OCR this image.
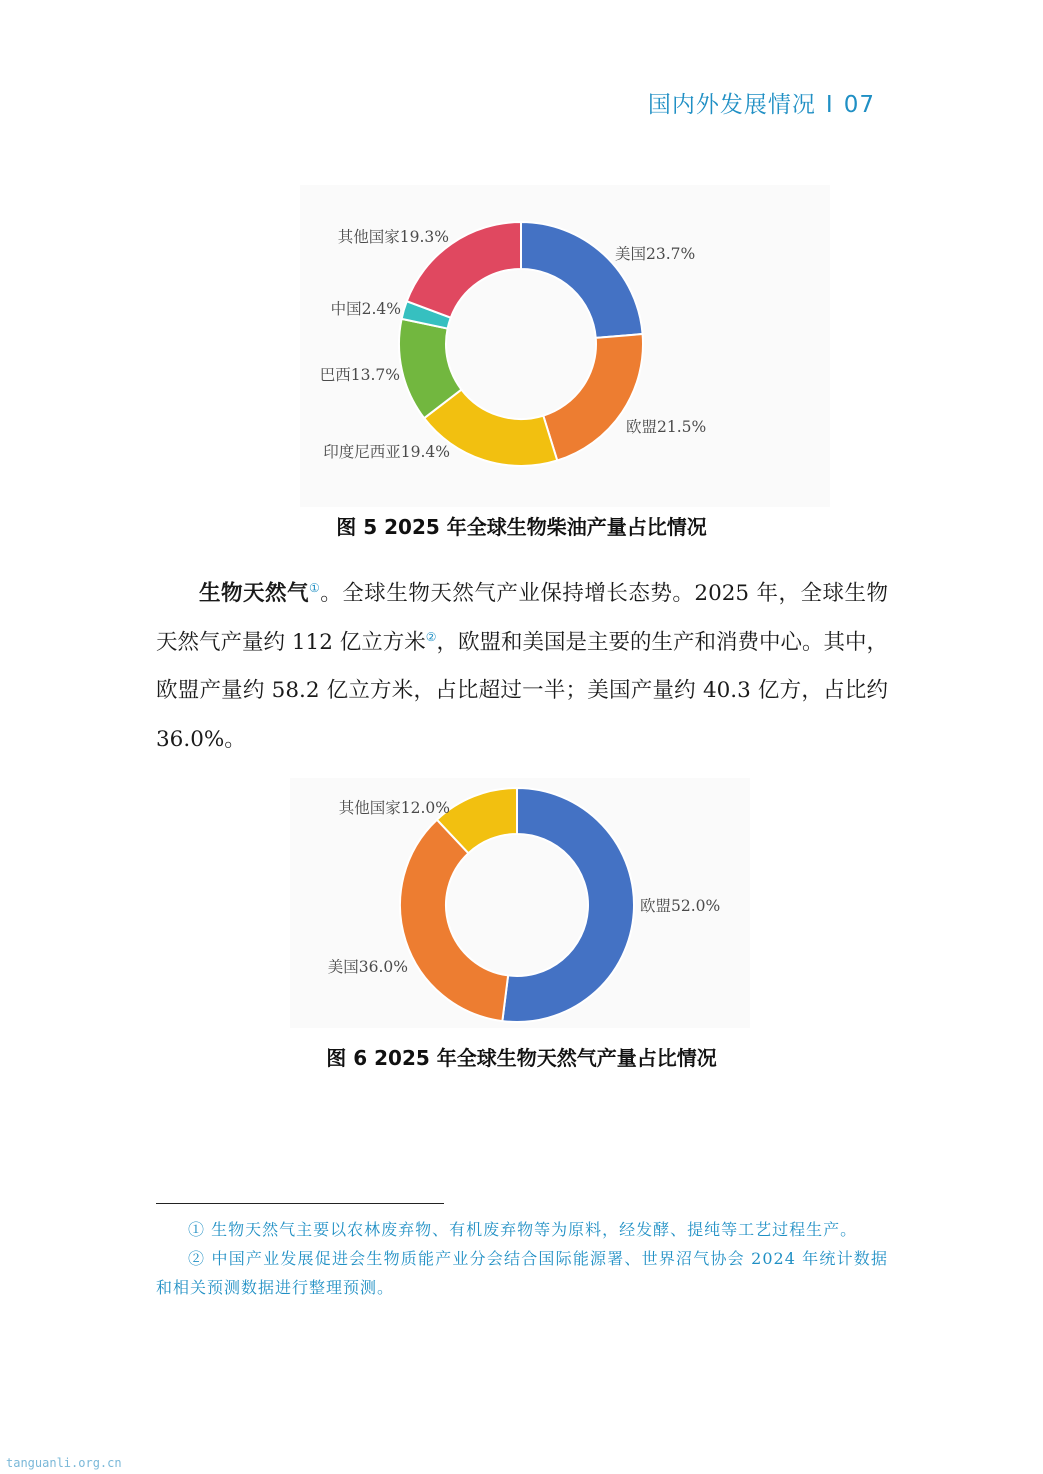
国内外发展情况 I 07
美国23.7%
欧盟21.5%
印度尼西亚19.4%
巴西13.7%
中国2.4%
其他国家19.3%
图 5 2025 年全球生物柴油产量占比情况

生物天然气①。全球生物天然气产业保持增长态势。2025 年，全球生物天然气产量约 112 亿立方米②，欧盟和美国是主要的生产和消费中心。其中，欧盟产量约 58.2 亿立方米，占比超过一半；美国产量约 40.3 亿方，占比约 36.0%。

欧盟52.0%
美国36.0%
其他国家12.0%
图 6 2025 年全球生物天然气产量占比情况

① 生物天然气主要以农林废弃物、有机废弃物等为原料，经发酵、提纯等工艺过程生产。

② 中国产业发展促进会生物质能产业分会结合国际能源署、世界沼气协会 2024 年统计数据和相关预测数据进行整理预测。

tanguanli.org.cn
